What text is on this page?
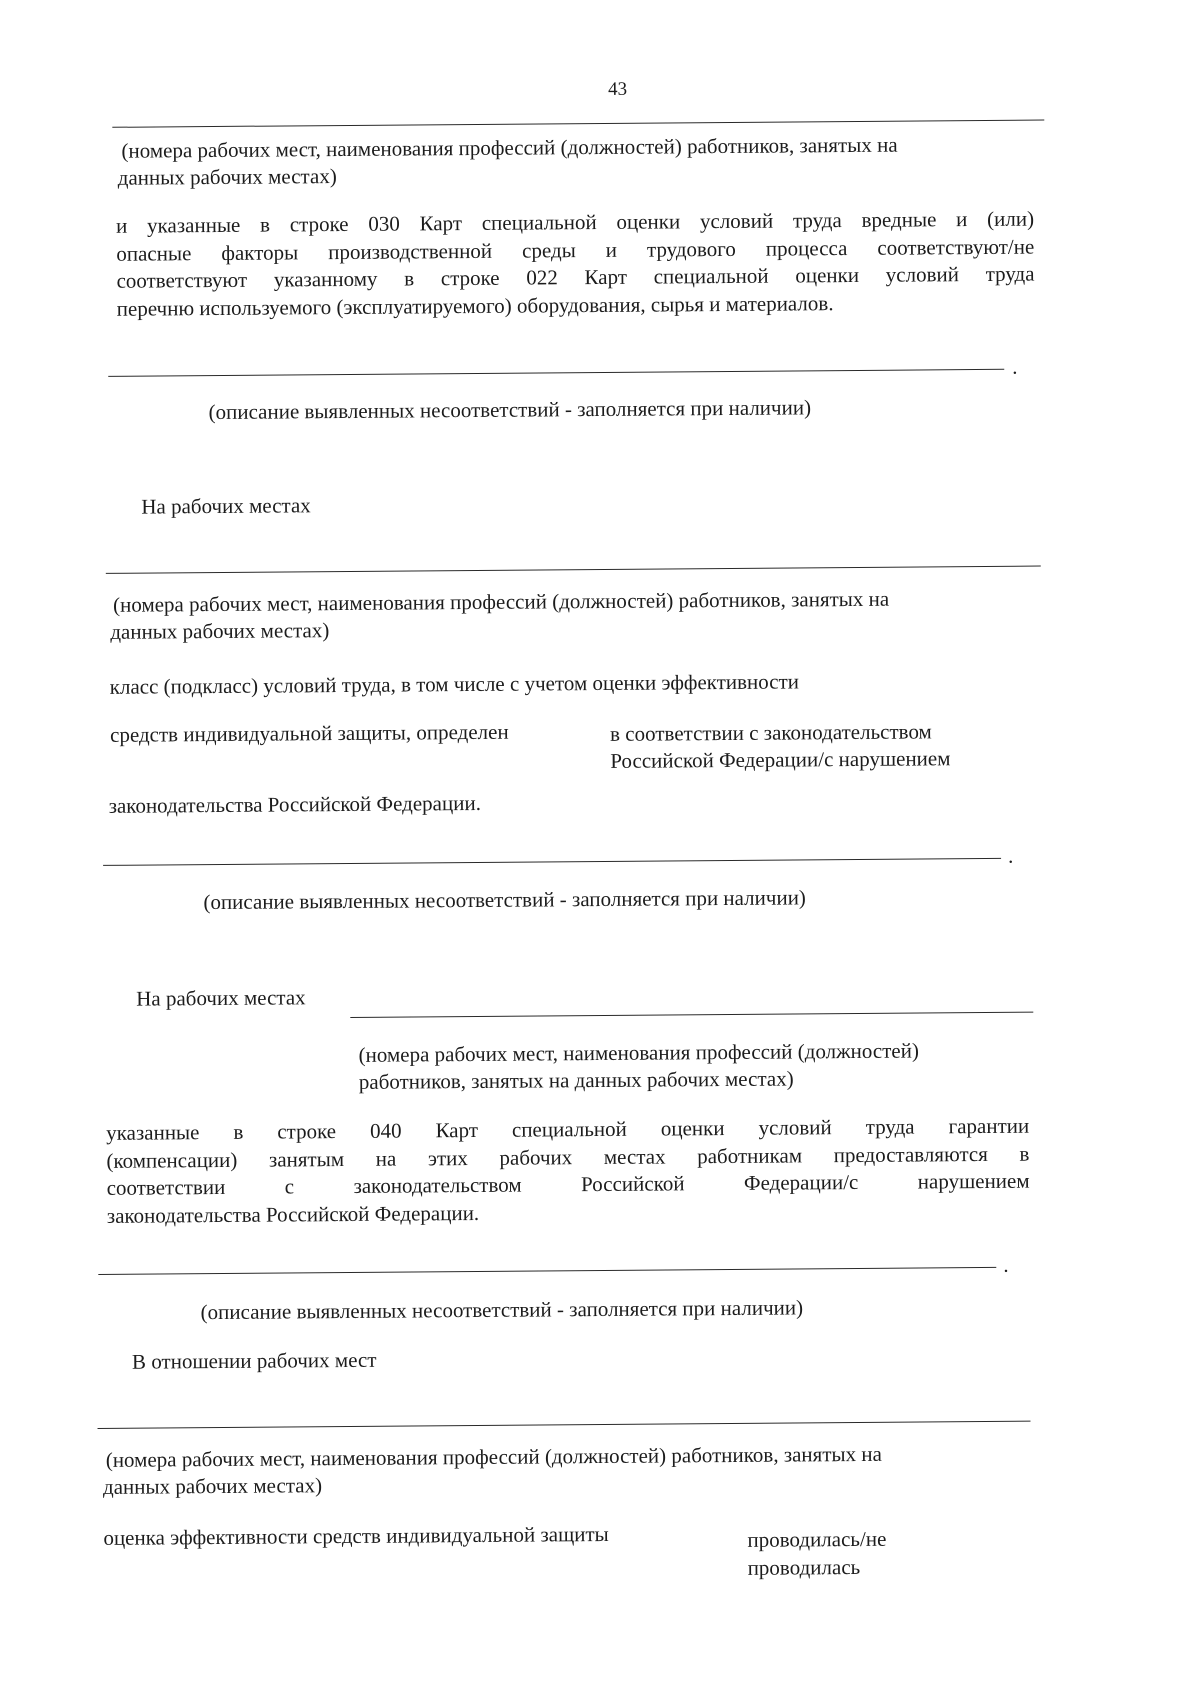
43
(номера рабочих мест, наименования профессий (должностей) работников, занятых на
данных рабочих местах)
и указанные в строке 030 Карт специальной оценки условий труда вредные и (или)
опасные факторы производственной среды и трудового процесса соответствуют/не
соответствуют указанному в строке 022 Карт специальной оценки условий труда
перечню используемого (эксплуатируемого) оборудования, сырья и материалов.
.
(описание выявленных несоответствий - заполняется при наличии)
На рабочих местах
(номера рабочих мест, наименования профессий (должностей) работников, занятых на
данных рабочих местах)
класс (подкласс) условий труда, в том числе с учетом оценки эффективности
средств индивидуальной защиты, определен	в соответствии с законодательством
Российской Федерации/с нарушением
законодательства Российской Федерации.
.
(описание выявленных несоответствий - заполняется при наличии)
На рабочих местах
(номера рабочих мест, наименования профессий (должностей)
работников, занятых на данных рабочих местах)
указанные в строке 040 Карт специальной оценки условий труда гарантии
(компенсации) занятым на этих рабочих местах работникам предоставляются в
соответствии с законодательством Российской Федерации/с нарушением
законодательства Российской Федерации.
.
(описание выявленных несоответствий - заполняется при наличии)
В отношении рабочих мест
(номера рабочих мест, наименования профессий (должностей) работников, занятых на
данных рабочих местах)
оценка эффективности средств индивидуальной защиты	проводилась/не
проводилась
